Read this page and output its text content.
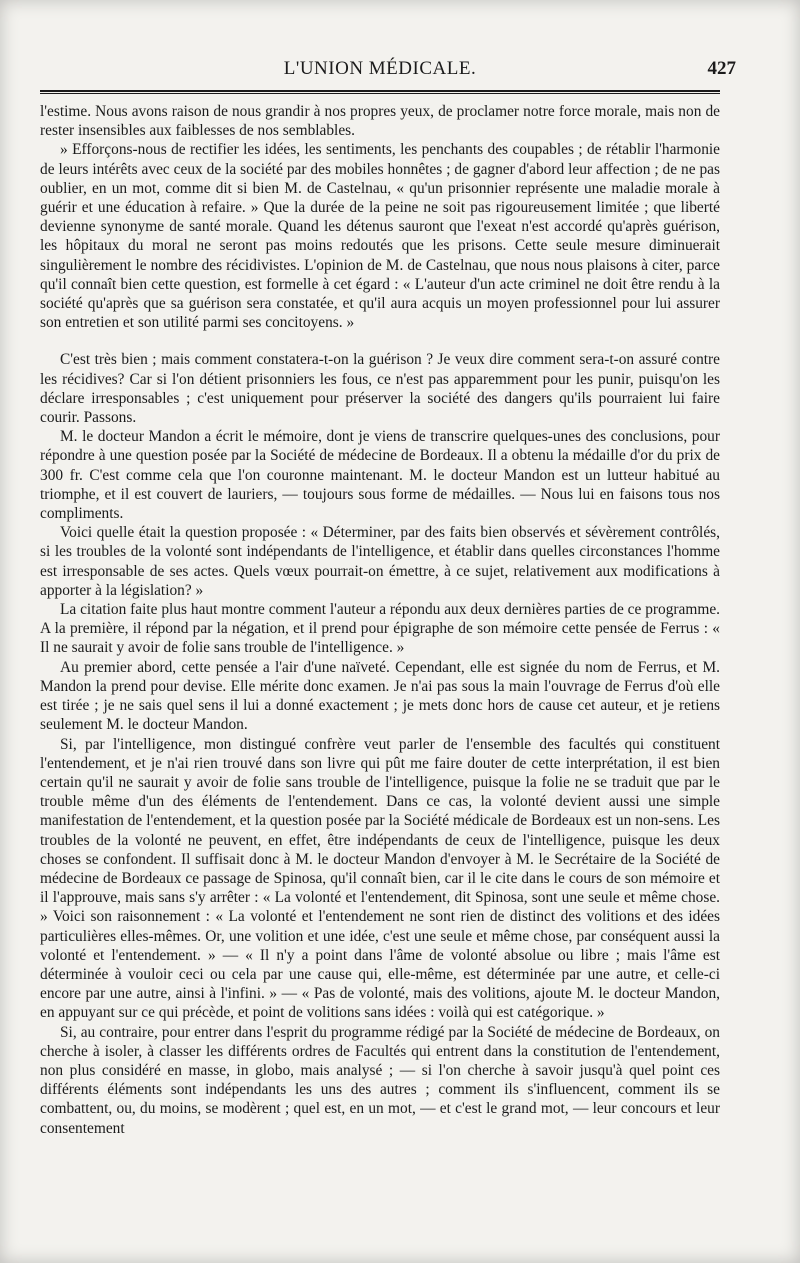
L'UNION MÉDICALE.	427

l'estime. Nous avons raison de nous grandir à nos propres yeux, de proclamer notre force morale, mais non de rester insensibles aux faiblesses de nos semblables.

» Efforçons-nous de rectifier les idées, les sentiments, les penchants des coupables ; de rétablir l'harmonie de leurs intérêts avec ceux de la société par des mobiles honnêtes ; de gagner d'abord leur affection ; de ne pas oublier, en un mot, comme dit si bien M. de Castelnau, « qu'un prisonnier représente une maladie morale à guérir et une éducation à refaire. » Que la durée de la peine ne soit pas rigoureusement limitée ; que liberté devienne synonyme de santé morale. Quand les détenus sauront que l'exeat n'est accordé qu'après guérison, les hôpitaux du moral ne seront pas moins redoutés que les prisons. Cette seule mesure diminuerait singulièrement le nombre des récidivistes. L'opinion de M. de Castelnau, que nous nous plaisons à citer, parce qu'il connaît bien cette question, est formelle à cet égard : « L'auteur d'un acte criminel ne doit être rendu à la société qu'après que sa guérison sera constatée, et qu'il aura acquis un moyen professionnel pour lui assurer son entretien et son utilité parmi ses concitoyens. »

C'est très bien ; mais comment constatera-t-on la guérison ? Je veux dire comment sera-t-on assuré contre les récidives? Car si l'on détient prisonniers les fous, ce n'est pas apparemment pour les punir, puisqu'on les déclare irresponsables ; c'est uniquement pour préserver la société des dangers qu'ils pourraient lui faire courir. Passons.

M. le docteur Mandon a écrit le mémoire, dont je viens de transcrire quelques-unes des conclusions, pour répondre à une question posée par la Société de médecine de Bordeaux. Il a obtenu la médaille d'or du prix de 300 fr. C'est comme cela que l'on couronne maintenant. M. le docteur Mandon est un lutteur habitué au triomphe, et il est couvert de lauriers, — toujours sous forme de médailles. — Nous lui en faisons tous nos compliments.

Voici quelle était la question proposée : « Déterminer, par des faits bien observés et sévèrement contrôlés, si les troubles de la volonté sont indépendants de l'intelligence, et établir dans quelles circonstances l'homme est irresponsable de ses actes. Quels vœux pourrait-on émettre, à ce sujet, relativement aux modifications à apporter à la législation? »

La citation faite plus haut montre comment l'auteur a répondu aux deux dernières parties de ce programme. A la première, il répond par la négation, et il prend pour épigraphe de son mémoire cette pensée de Ferrus : « Il ne saurait y avoir de folie sans trouble de l'intelligence. »

Au premier abord, cette pensée a l'air d'une naïveté. Cependant, elle est signée du nom de Ferrus, et M. Mandon la prend pour devise. Elle mérite donc examen. Je n'ai pas sous la main l'ouvrage de Ferrus d'où elle est tirée ; je ne sais quel sens il lui a donné exactement ; je mets donc hors de cause cet auteur, et je retiens seulement M. le docteur Mandon.

Si, par l'intelligence, mon distingué confrère veut parler de l'ensemble des facultés qui constituent l'entendement, et je n'ai rien trouvé dans son livre qui pût me faire douter de cette interprétation, il est bien certain qu'il ne saurait y avoir de folie sans trouble de l'intelligence, puisque la folie ne se traduit que par le trouble même d'un des éléments de l'entendement. Dans ce cas, la volonté devient aussi une simple manifestation de l'entendement, et la question posée par la Société médicale de Bordeaux est un non-sens. Les troubles de la volonté ne peuvent, en effet, être indépendants de ceux de l'intelligence, puisque les deux choses se confondent. Il suffisait donc à M. le docteur Mandon d'envoyer à M. le Secrétaire de la Société de médecine de Bordeaux ce passage de Spinosa, qu'il connaît bien, car il le cite dans le cours de son mémoire et il l'approuve, mais sans s'y arrêter : « La volonté et l'entendement, dit Spinosa, sont une seule et même chose. » Voici son raisonnement : « La volonté et l'entendement ne sont rien de distinct des volitions et des idées particulières elles-mêmes. Or, une volition et une idée, c'est une seule et même chose, par conséquent aussi la volonté et l'entendement. » — « Il n'y a point dans l'âme de volonté absolue ou libre ; mais l'âme est déterminée à vouloir ceci ou cela par une cause qui, elle-même, est déterminée par une autre, et celle-ci encore par une autre, ainsi à l'infini. » — « Pas de volonté, mais des volitions, ajoute M. le docteur Mandon, en appuyant sur ce qui précède, et point de volitions sans idées : voilà qui est catégorique. »

Si, au contraire, pour entrer dans l'esprit du programme rédigé par la Société de médecine de Bordeaux, on cherche à isoler, à classer les différents ordres de Facultés qui entrent dans la constitution de l'entendement, non plus considéré en masse, in globo, mais analysé ; — si l'on cherche à savoir jusqu'à quel point ces différents éléments sont indépendants les uns des autres ; comment ils s'influencent, comment ils se combattent, ou, du moins, se modèrent ; quel est, en un mot, — et c'est le grand mot, — leur concours et leur consentement
